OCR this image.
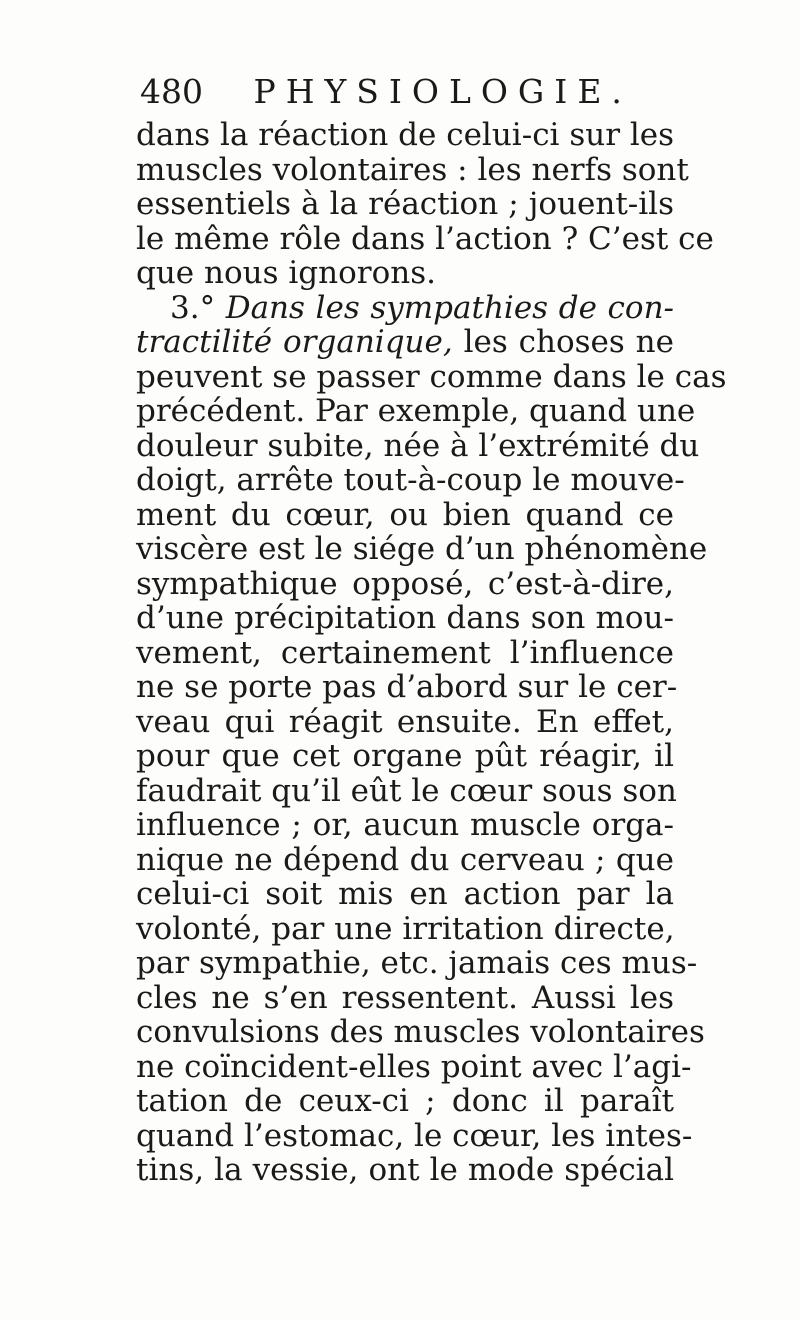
480 PHYSIOLOGIE.
dans la réaction de celui-ci sur les
muscles volontaires : les nerfs sont
essentiels à la réaction ; jouent-ils
le même rôle dans l’action ? C’est ce
que nous ignorons.
3.° Dans les sympathies de con-
tractilité organique, les choses ne
peuvent se passer comme dans le cas
précédent. Par exemple, quand une
douleur subite, née à l’extrémité du
doigt, arrête tout-à-coup le mouve-
ment du cœur, ou bien quand ce
viscère est le siége d’un phénomène
sympathique opposé, c’est-à-dire,
d’une précipitation dans son mou-
vement, certainement l’influence
ne se porte pas d’abord sur le cer-
veau qui réagit ensuite. En effet,
pour que cet organe pût réagir, il
faudrait qu’il eût le cœur sous son
influence ; or, aucun muscle orga-
nique ne dépend du cerveau ; que
celui-ci soit mis en action par la
volonté, par une irritation directe,
par sympathie, etc. jamais ces mus-
cles ne s’en ressentent. Aussi les
convulsions des muscles volontaires
ne coïncident-elles point avec l’agi-
tation de ceux-ci ; donc il paraît
quand l’estomac, le cœur, les intes-
tins, la vessie, ont le mode spécial
